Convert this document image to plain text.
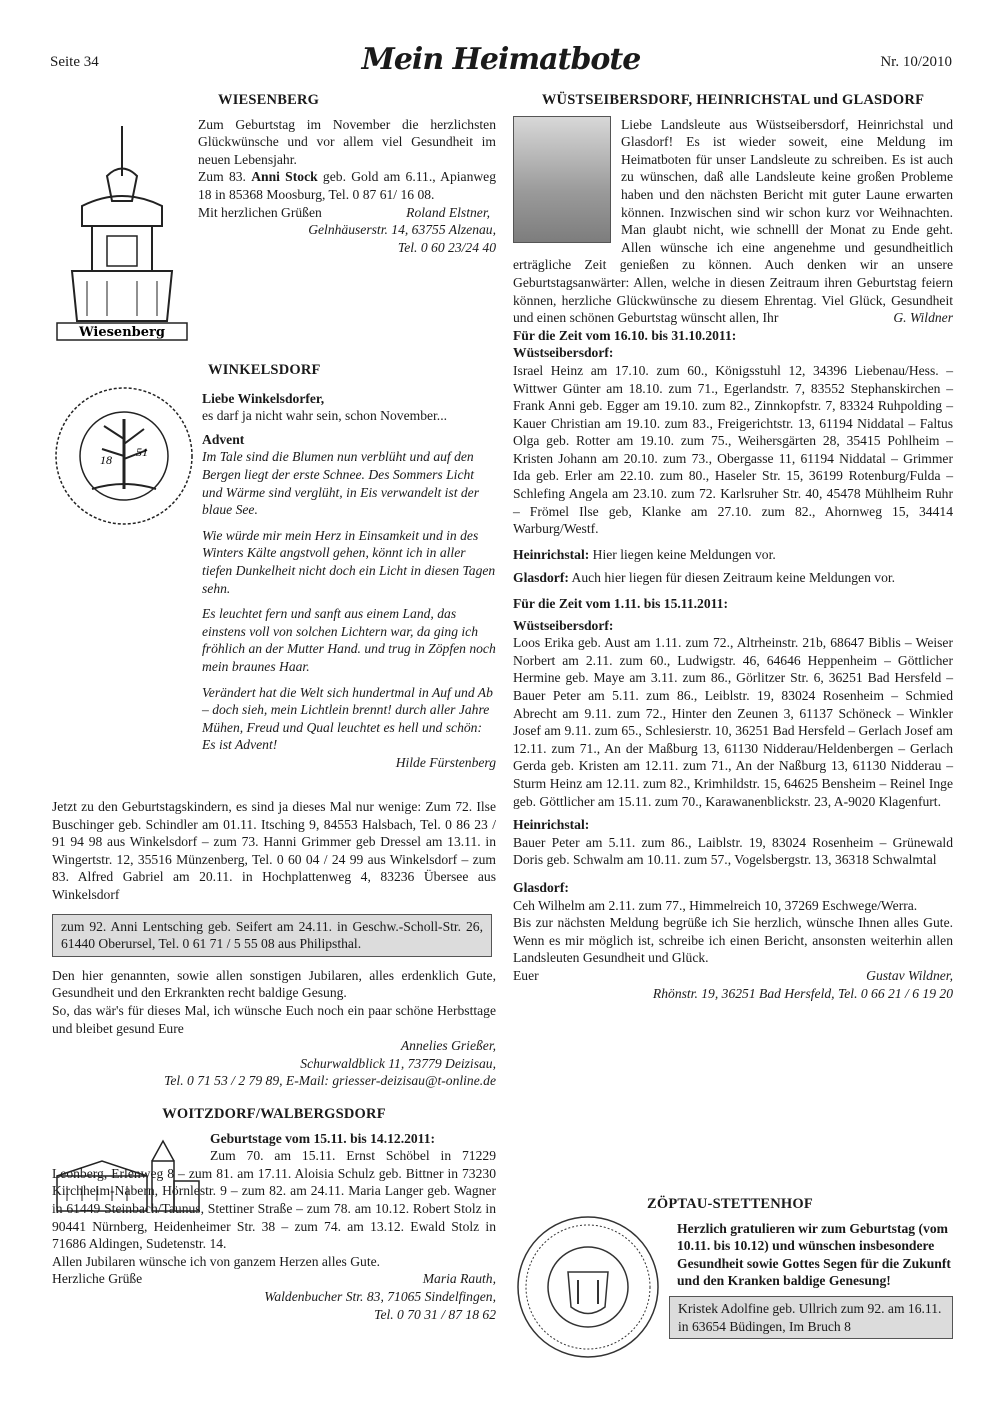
Seite 34	Mein Heimatbote	Nr. 10/2010
Wiesenberg
WIESENBERG

Zum Geburtstag im November die herzlichsten Glückwünsche und vor allem viel Gesundheit im neuen Lebensjahr.

Zum 83. Anni Stock geb. Gold am 6.11., Apianweg 18 in 85368 Moosburg, Tel. 0 87 61/ 16 08.

Mit herzlichen Grüßen	Roland Elstner,

Gelnhäuserstr. 14, 63755 Alzenau,

Tel. 0 60 23/24 40

18
51
WINKELSDORF

Liebe Winkelsdorfer,

es darf ja nicht wahr sein, schon November...

Advent

Im Tale sind die Blumen nun verblüht und auf den Bergen liegt der erste Schnee. Des Sommers Licht und Wärme sind verglüht, in Eis verwandelt ist der blaue See.

Wie würde mir mein Herz in Einsamkeit und in des Winters Kälte angstvoll gehen, könnt ich in aller tiefen Dunkelheit nicht doch ein Licht in diesen Tagen sehn.

Es leuchtet fern und sanft aus einem Land, das einstens voll von solchen Lichtern war, da ging ich fröhlich an der Mutter Hand. und trug in Zöpfen noch mein braunes Haar.

Verändert hat die Welt sich hundertmal in Auf und Ab – doch sieh, mein Lichtlein brennt! durch aller Jahre Mühen, Freud und Qual leuchtet es hell und schön: Es ist Advent!

Hilde Fürstenberg

Jetzt zu den Geburtstagskindern, es sind ja dieses Mal nur wenige: Zum 72. Ilse Buschinger geb. Schindler am 01.11. Itsching 9, 84553 Halsbach, Tel. 0 86 23 / 91 94 98 aus Winkelsdorf – zum 73. Hanni Grimmer geb Dressel am 13.11. in Wingertstr. 12, 35516 Münzenberg, Tel. 0 60 04 / 24 99 aus Winkelsdorf – zum 83. Alfred Gabriel am 20.11. in Hochplattenweg 4, 83236 Übersee aus Winkelsdorf

zum 92. Anni Lentsching geb. Seifert am 24.11. in Geschw.-Scholl-Str. 26, 61440 Oberursel, Tel. 0 61 71 / 5 55 08 aus Philipsthal.

Den hier genannten, sowie allen sonstigen Jubilaren, alles erdenklich Gute, Gesundheit und den Erkrankten recht baldige Gesung.

So, das wär's für dieses Mal, ich wünsche Euch noch ein paar schöne Herbsttage und bleibet gesund Eure

Annelies Grießer,

Schurwaldblick 11, 73779 Deizisau,

Tel. 0 71 53 / 2 79 89, E-Mail: griesser-deizisau@t-online.de

WOITZDORF/WALBERGSDORF

Geburtstage vom 15.11. bis 14.12.2011:

Zum 70. am 15.11. Ernst Schöbel in 71229 Leonberg, Erlenweg 8 – zum 81. am 17.11. Aloisia Schulz geb. Bittner in 73230 Kirchheim-Nabern, Hörnlestr. 9 – zum 82. am 24.11. Maria Langer geb. Wagner in 61449 Steinbach/Taunus, Stettiner Straße – zum 78. am 10.12. Robert Stolz in 90441 Nürnberg, Heidenheimer Str. 38 – zum 74. am 13.12. Ewald Stolz in 71686 Aldingen, Sudetenstr. 14.

Allen Jubilaren wünsche ich von ganzem Herzen alles Gute.

Herzliche Grüße	Maria Rauth,

Waldenbucher Str. 83, 71065 Sindelfingen,

Tel. 0 70 31 / 87 18 62

WÜSTSEIBERSDORF, HEINRICHSTAL und GLASDORF

Liebe Landsleute aus Wüstseibersdorf, Heinrichstal und Glasdorf! Es ist wieder soweit, eine Meldung im Heimatboten für unser Landsleute zu schreiben. Es ist auch zu wünschen, daß alle Landsleute keine großen Probleme haben und den nächsten Bericht mit guter Laune erwarten können. Inzwischen sind wir schon kurz vor Weihnachten. Man glaubt nicht, wie schnelll der Monat zu Ende geht. Allen wünsche ich eine angenehme und gesundheitlich erträgliche Zeit genießen zu können. Auch denken wir an unsere Geburtstagsanwärter: Allen, welche in diesen Zeitraum ihren Geburtstag feiern können, herzliche Glückwünsche zu diesem Ehrentag. Viel Glück, Gesundheit und einen schönen Geburtstag wünscht allen, Ihr	G. Wildner

Für die Zeit vom 16.10. bis 31.10.2011:

Wüstseibersdorf:

Israel Heinz am 17.10. zum 60., Königsstuhl 12, 34396 Liebenau/Hess. – Wittwer Günter am 18.10. zum 71., Egerlandstr. 7, 83552 Stephanskirchen – Frank Anni geb. Egger am 19.10. zum 82., Zinnkopfstr. 7, 83324 Ruhpolding – Kauer Christian am 19.10. zum 83., Freigerichtstr. 13, 61194 Niddatal – Faltus Olga geb. Rotter am 19.10. zum 75., Weihersgärten 28, 35415 Pohlheim – Kristen Johann am 20.10. zum 73., Obergasse 11, 61194 Niddatal – Grimmer Ida geb. Erler am 22.10. zum 80., Haseler Str. 15, 36199 Rotenburg/Fulda – Schlefing Angela am 23.10. zum 72. Karlsruher Str. 40, 45478 Mühlheim Ruhr – Frömel Ilse geb, Klanke am 27.10. zum 82., Ahornweg 15, 34414 Warburg/Westf.

Heinrichstal: Hier liegen keine Meldungen vor.

Glasdorf: Auch hier liegen für diesen Zeitraum keine Meldungen vor.

Für die Zeit vom 1.11. bis 15.11.2011:

Wüstseibersdorf:

Loos Erika geb. Aust am 1.11. zum 72., Altrheinstr. 21b, 68647 Biblis – Weiser Norbert am 2.11. zum 60., Ludwigstr. 46, 64646 Heppenheim – Göttlicher Hermine geb. Maye am 3.11. zum 86., Görlitzer Str. 6, 36251 Bad Hersfeld – Bauer Peter am 5.11. zum 86., Leiblstr. 19, 83024 Rosenheim – Schmied Abrecht am 9.11. zum 72., Hinter den Zeunen 3, 61137 Schöneck – Winkler Josef am 9.11. zum 65., Schlesierstr. 10, 36251 Bad Hersfeld – Gerlach Josef am 12.11. zum 71., An der Maßburg 13, 61130 Nidderau/Heldenbergen – Gerlach Gerda geb. Kristen am 12.11. zum 71., An der Naßburg 13, 61130 Nidderau – Sturm Heinz am 12.11. zum 82., Krimhildstr. 15, 64625 Bensheim – Reinel Inge geb. Göttlicher am 15.11. zum 70., Karawanenblickstr. 23, A-9020 Klagenfurt.

Heinrichstal:

Bauer Peter am 5.11. zum 86., Laiblstr. 19, 83024 Rosenheim – Grünewald Doris geb. Schwalm am 10.11. zum 57., Vogelsbergstr. 13, 36318 Schwalmtal

Glasdorf:

Ceh Wilhelm am 2.11. zum 77., Himmelreich 10, 37269 Eschwege/Werra.

Bis zur nächsten Meldung begrüße ich Sie herzlich, wünsche Ihnen alles Gute. Wenn es mir möglich ist, schreibe ich einen Bericht, ansonsten weiterhin allen Landsleuten Gesundheit und Glück.

Euer	Gustav Wildner,

Rhönstr. 19, 36251 Bad Hersfeld, Tel. 0 66 21 / 6 19 20

ZÖPTAU-STETTENHOF

Herzlich gratulieren wir zum Geburtstag (vom 10.11. bis 10.12) und wünschen insbesondere Gesundheit sowie Gottes Segen für die Zukunft und den Kranken baldige Genesung!

Kristek Adolfine geb. Ullrich zum 92. am 16.11. in 63654 Büdingen, Im Bruch 8
